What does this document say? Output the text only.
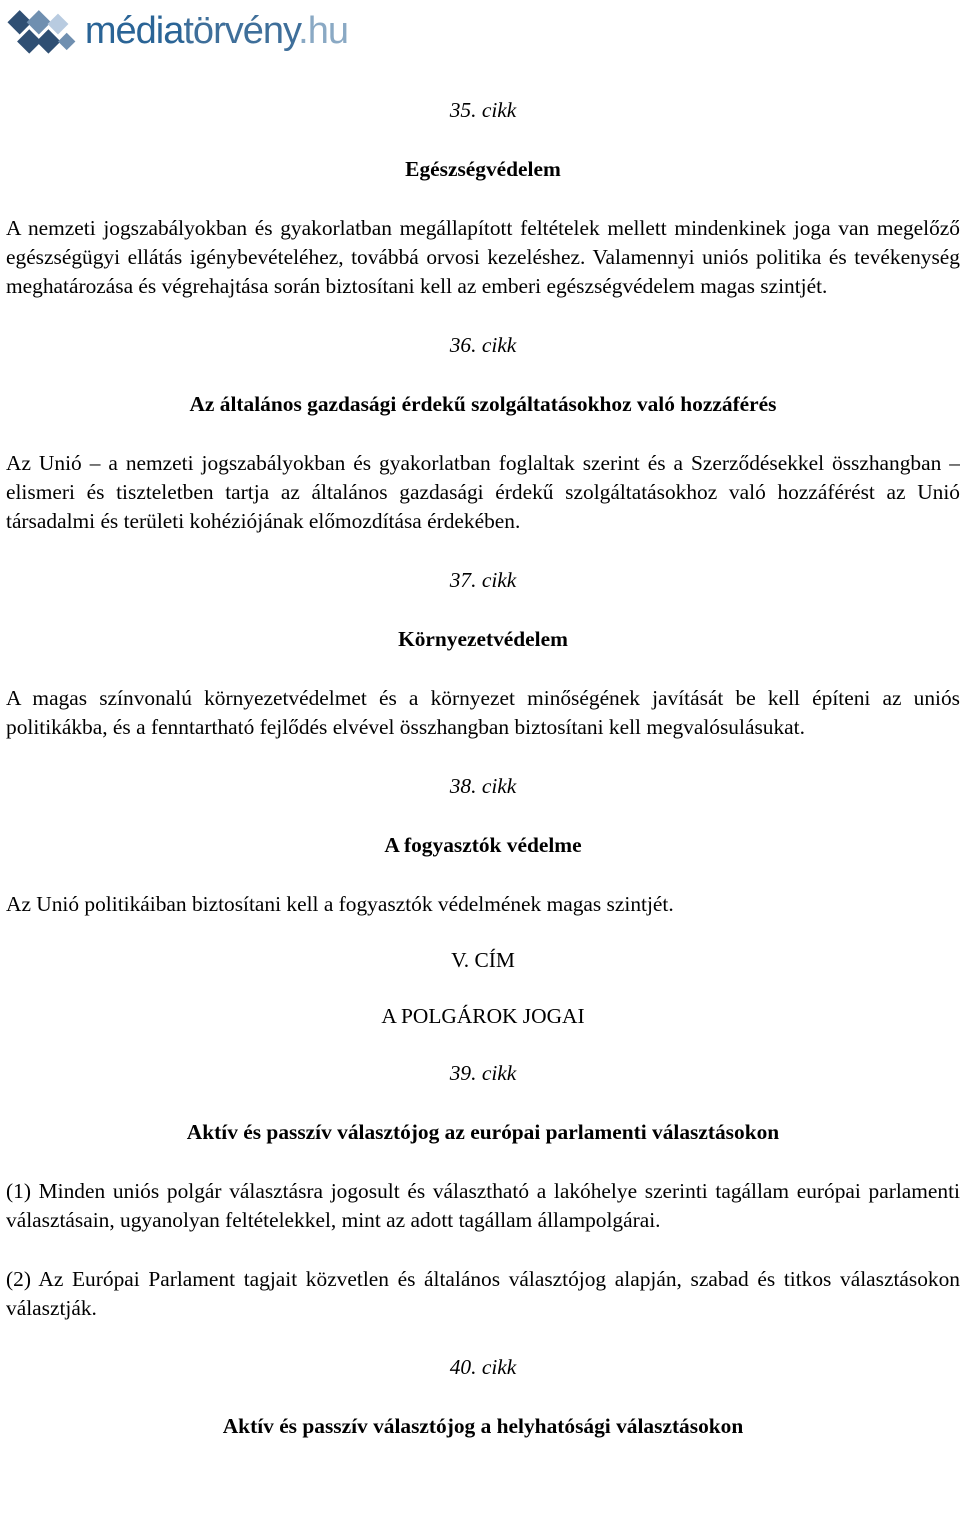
médiatörvény.hu

35. cikk

Egészségvédelem

A nemzeti jogszabályokban és gyakorlatban megállapított feltételek mellett mindenkinek joga van megelőző egészségügyi ellátás igénybevételéhez, továbbá orvosi kezeléshez. Valamennyi uniós politika és tevékenység meghatározása és végrehajtása során biztosítani kell az emberi egészségvédelem magas szintjét.

36. cikk

Az általános gazdasági érdekű szolgáltatásokhoz való hozzáférés

Az Unió – a nemzeti jogszabályokban és gyakorlatban foglaltak szerint és a Szerződésekkel összhangban – elismeri és tiszteletben tartja az általános gazdasági érdekű szolgáltatásokhoz való hozzáférést az Unió társadalmi és területi kohéziójának előmozdítása érdekében.

37. cikk

Környezetvédelem

A magas színvonalú környezetvédelmet és a környezet minőségének javítását be kell építeni az uniós politikákba, és a fenntartható fejlődés elvével összhangban biztosítani kell megvalósulásukat.

38. cikk

A fogyasztók védelme

Az Unió politikáiban biztosítani kell a fogyasztók védelmének magas szintjét.

V. CÍM

A POLGÁROK JOGAI

39. cikk

Aktív és passzív választójog az európai parlamenti választásokon

(1) Minden uniós polgár választásra jogosult és választható a lakóhelye szerinti tagállam európai parlamenti választásain, ugyanolyan feltételekkel, mint az adott tagállam állampolgárai.

(2) Az Európai Parlament tagjait közvetlen és általános választójog alapján, szabad és titkos választásokon választják.

40. cikk

Aktív és passzív választójog a helyhatósági választásokon
